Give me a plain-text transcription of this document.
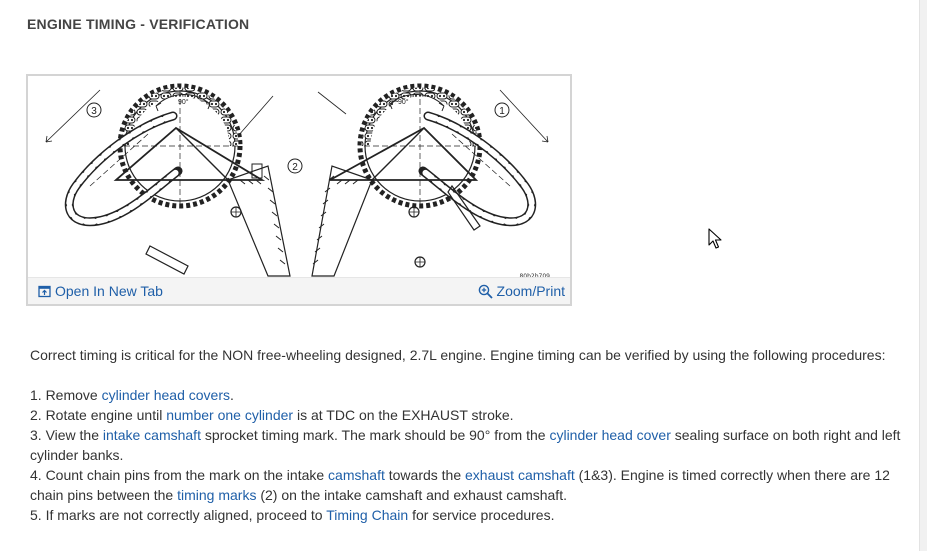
ENGINE TIMING - VERIFICATION
3
2
1
90°	90°
Open In New Tab	Zoom/Print
Correct timing is critical for the NON free-wheeling designed, 2.7L engine. Engine timing can be verified by using the following procedures:
1. Remove cylinder head covers.
2. Rotate engine until number one cylinder is at TDC on the EXHAUST stroke.
3. View the intake camshaft sprocket timing mark. The mark should be 90° from the cylinder head cover sealing surface on both right and left cylinder banks.
4. Count chain pins from the mark on the intake camshaft towards the exhaust camshaft (1&3). Engine is timed correctly when there are 12 chain pins between the timing marks (2) on the intake camshaft and exhaust camshaft.
5. If marks are not correctly aligned, proceed to Timing Chain for service procedures.
